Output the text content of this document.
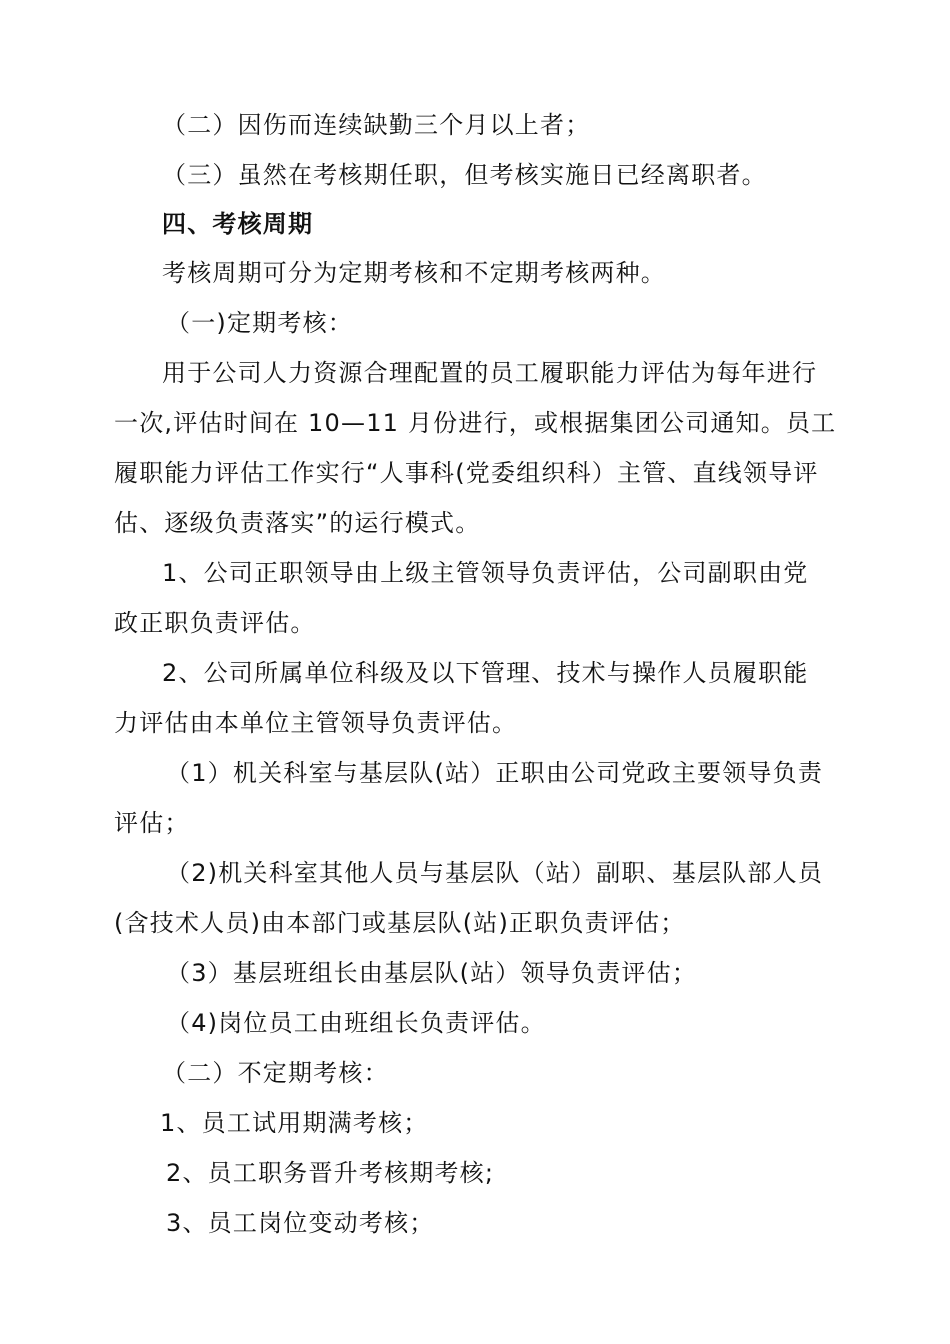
（二）因伤而连续缺勤三个月以上者；
（三）虽然在考核期任职，但考核实施日已经离职者。
四、考核周期
考核周期可分为定期考核和不定期考核两种。
（一)定期考核：
用于公司人力资源合理配置的员工履职能力评估为每年进行
一次,评估时间在 10—11 月份进行，或根据集团公司通知。员工
履职能力评估工作实行“人事科(党委组织科）主管、直线领导评
估、逐级负责落实”的运行模式。
1、公司正职领导由上级主管领导负责评估，公司副职由党
政正职负责评估。
2、公司所属单位科级及以下管理、技术与操作人员履职能
力评估由本单位主管领导负责评估。
（1）机关科室与基层队(站）正职由公司党政主要领导负责
评估；
（2)机关科室其他人员与基层队（站）副职、基层队部人员
(含技术人员)由本部门或基层队(站)正职负责评估；
（3）基层班组长由基层队(站）领导负责评估；
（4)岗位员工由班组长负责评估。
（二）不定期考核：
1、员工试用期满考核；
2、员工职务晋升考核期考核;
3、员工岗位变动考核；
